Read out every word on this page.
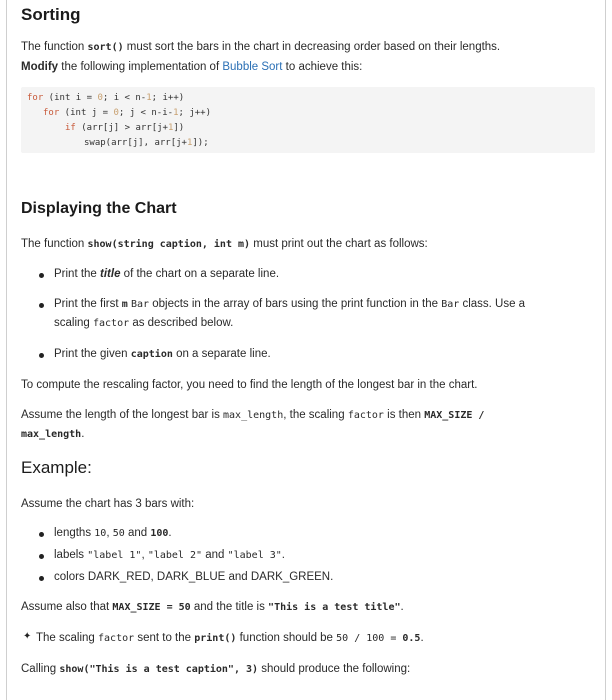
Sorting
The function sort() must sort the bars in the chart in decreasing order based on their lengths.
Modify the following implementation of Bubble Sort to achieve this:
for (int i = 0; i < n-1; i++)
for (int j = 0; j < n-i-1; j++)
if (arr[j] > arr[j+1])
swap(arr[j], arr[j+1]);
Displaying the Chart
The function show(string caption, int m) must print out the chart as follows:
Print the title of the chart on a separate line.
Print the first m Bar objects in the array of bars using the print function in the Bar class. Use a
scaling factor as described below.
Print the given caption on a separate line.
To compute the rescaling factor, you need to find the length of the longest bar in the chart.
Assume the length of the longest bar is max_length, the scaling factor is then MAX_SIZE /
max_length.
Example:
Assume the chart has 3 bars with:
lengths 10, 50 and 100.
labels "label 1", "label 2" and "label 3".
colors DARK_RED, DARK_BLUE and DARK_GREEN.
Assume also that MAX_SIZE = 50 and the title is "This is a test title".
✦ The scaling factor sent to the print() function should be 50 / 100 = 0.5.
Calling show("This is a test caption", 3) should produce the following:
